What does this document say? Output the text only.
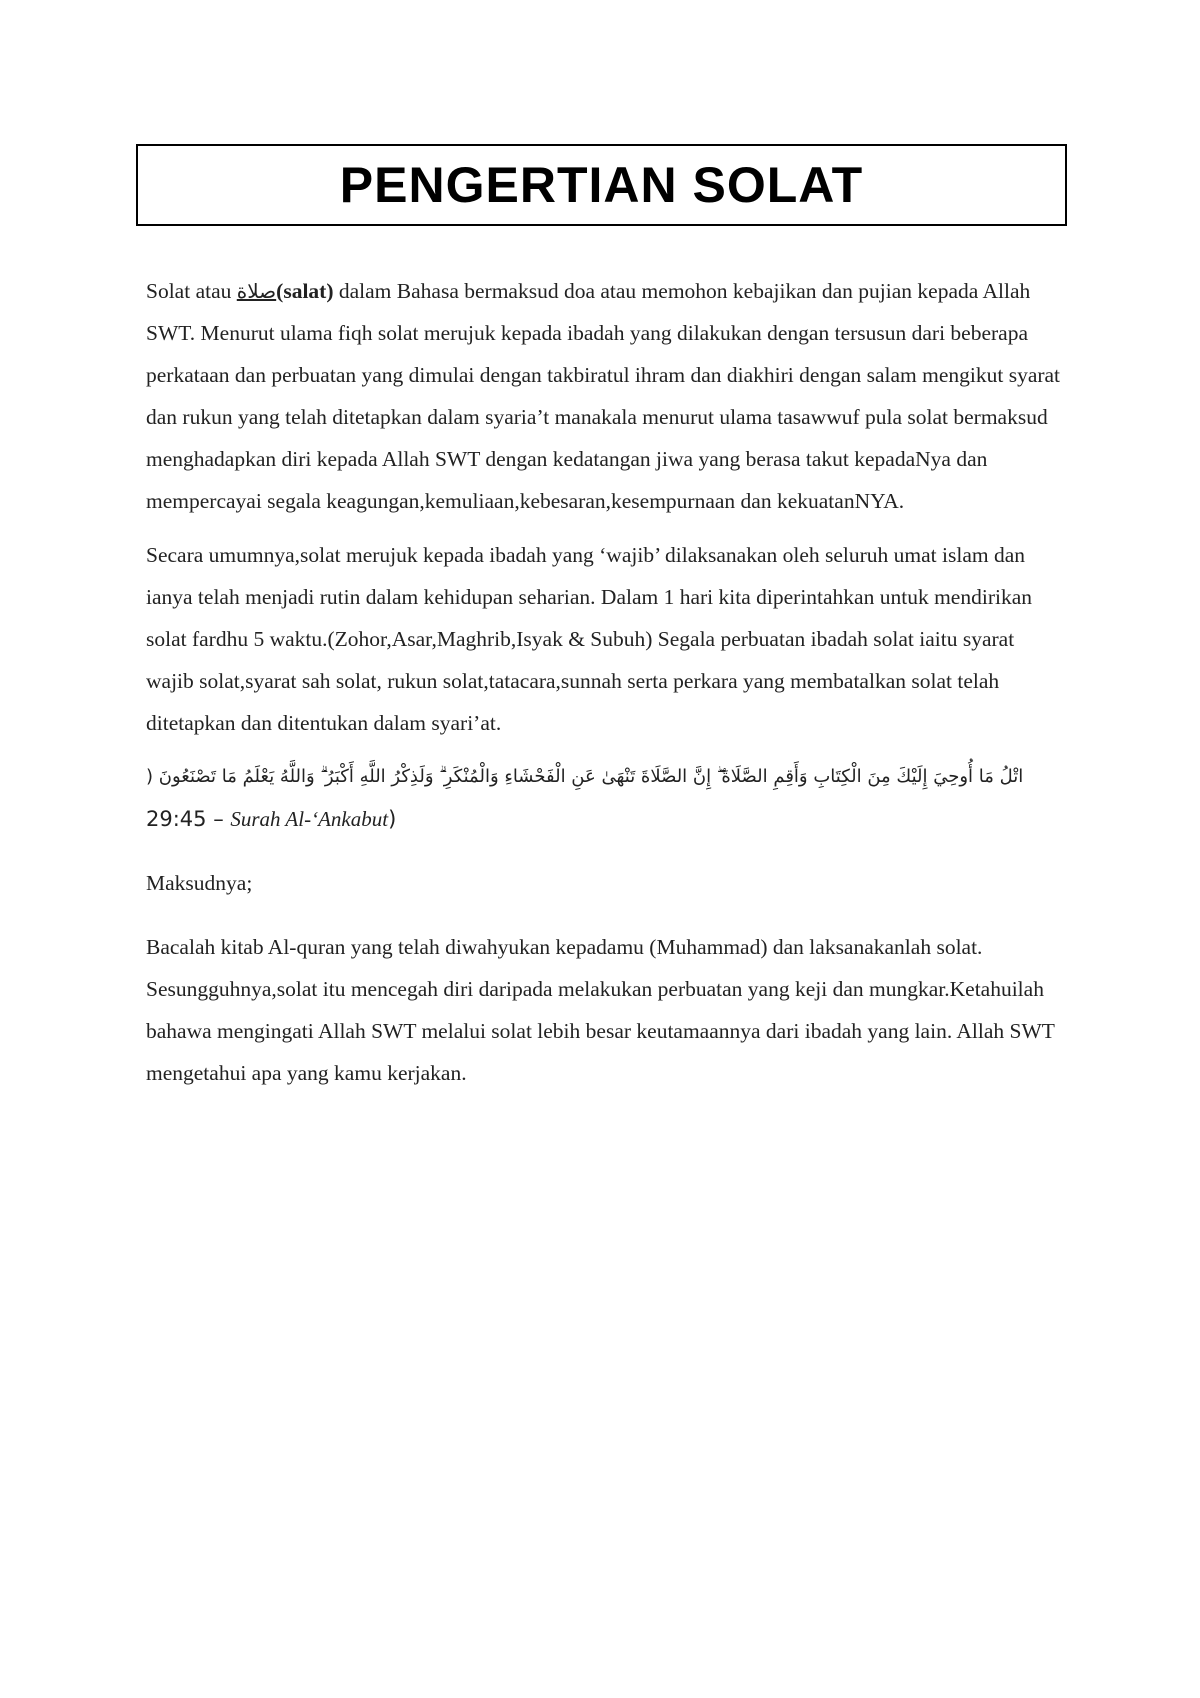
PENGERTIAN SOLAT

Solat atau صلاة(salat) dalam Bahasa bermaksud doa atau memohon kebajikan dan pujian kepada Allah SWT. Menurut ulama fiqh solat merujuk kepada ibadah yang dilakukan dengan tersusun dari beberapa perkataan dan perbuatan yang dimulai dengan takbiratul ihram dan diakhiri dengan salam mengikut syarat dan rukun yang telah ditetapkan dalam syaria’t manakala menurut ulama tasawwuf pula solat bermaksud menghadapkan diri kepada Allah SWT dengan kedatangan jiwa yang berasa takut kepadaNya dan mempercayai segala keagungan,kemuliaan,kebesaran,kesempurnaan dan kekuatanNYA.

Secara umumnya,solat merujuk kepada ibadah yang ‘wajib’ dilaksanakan oleh seluruh umat islam dan ianya telah menjadi rutin dalam kehidupan seharian. Dalam 1 hari kita diperintahkan untuk mendirikan solat fardhu 5 waktu.(Zohor,Asar,Maghrib,Isyak & Subuh) Segala perbuatan ibadah solat iaitu syarat wajib solat,syarat sah solat, rukun solat,tatacara,sunnah serta perkara yang membatalkan solat telah ditetapkan dan ditentukan dalam syari’at.

اتْلُ مَا أُوحِيَ إِلَيْكَ مِنَ الْكِتَابِ وَأَقِمِ الصَّلَاةَ ۖ إِنَّ الصَّلَاةَ تَنْهَىٰ عَنِ الْفَحْشَاءِ وَالْمُنْكَرِ ۗ وَلَذِكْرُ اللَّهِ أَكْبَرُ ۗ وَاللَّهُ يَعْلَمُ مَا تَصْنَعُونَ (

29:45 – Surah Al-‘Ankabut)

Maksudnya;

Bacalah kitab Al-quran yang telah diwahyukan kepadamu (Muhammad) dan laksanakanlah solat. Sesungguhnya,solat itu mencegah diri daripada melakukan perbuatan yang keji dan mungkar.Ketahuilah bahawa mengingati Allah SWT melalui solat lebih besar keutamaannya dari ibadah yang lain. Allah SWT mengetahui apa yang kamu kerjakan.
